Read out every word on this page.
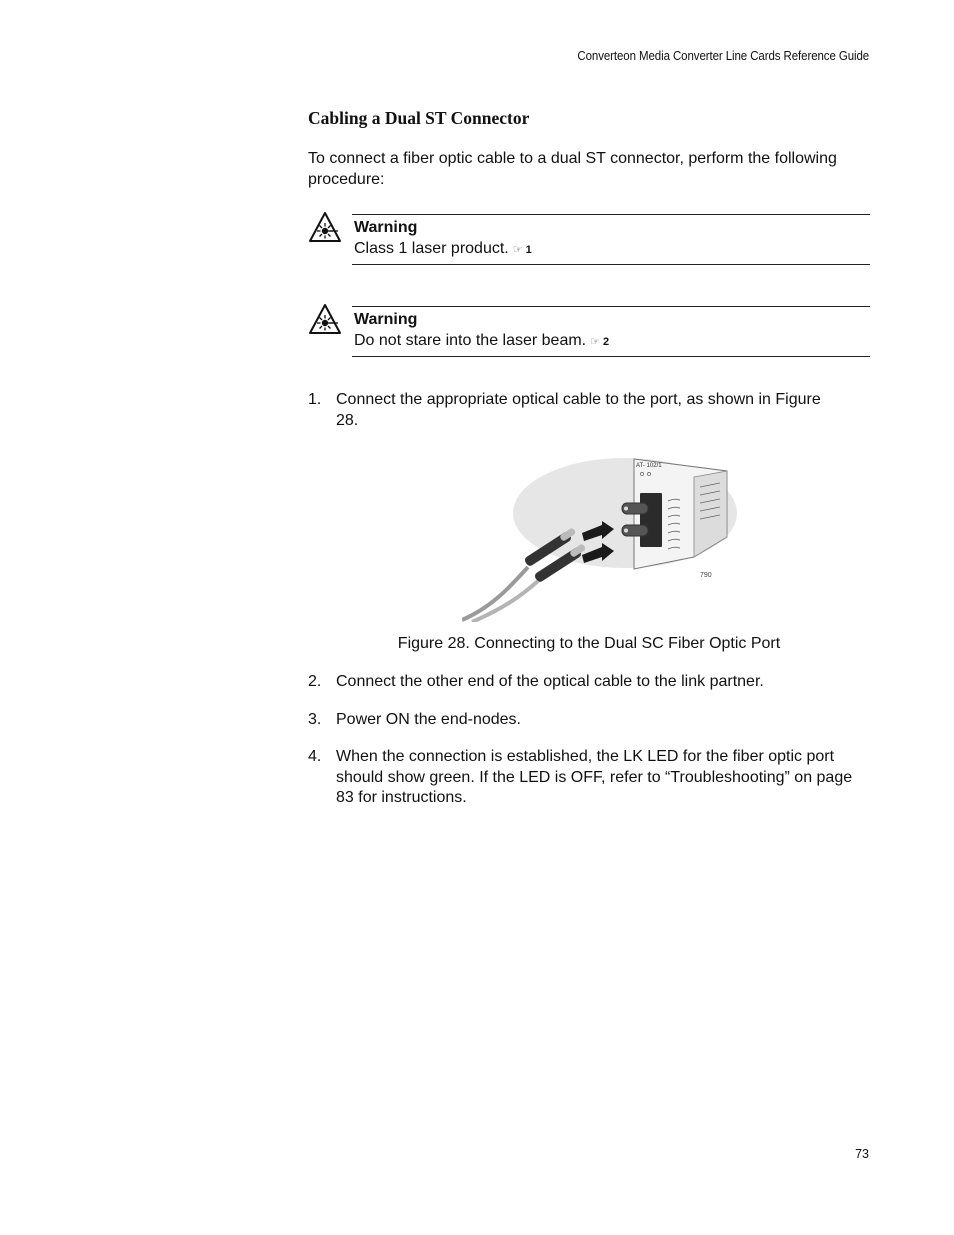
Converteon Media Converter Line Cards Reference Guide
Cabling a Dual ST Connector
To connect a fiber optic cable to a dual ST connector, perform the following procedure:
Warning
Class 1 laser product. ☞ 1
Warning
Do not stare into the laser beam. ☞ 2
1. Connect the appropriate optical cable to the port, as shown in Figure 28.
AT- 102/1
790
Figure 28. Connecting to the Dual SC Fiber Optic Port
2. Connect the other end of the optical cable to the link partner.
3. Power ON the end-nodes.
4. When the connection is established, the LK LED for the fiber optic port should show green. If the LED is OFF, refer to “Troubleshooting” on page 83 for instructions.
73
